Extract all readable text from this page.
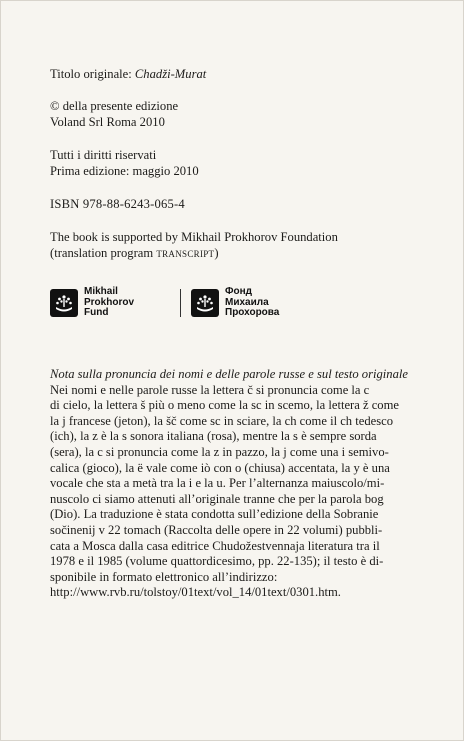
Titolo originale: Chadži-Murat
© della presente edizione
Voland Srl Roma 2010
Tutti i diritti riservati
Prima edizione: maggio 2010
ISBN 978-88-6243-065-4
The book is supported by Mikhail Prokhorov Foundation
(translation program transcript)
Mikhail
Prokhorov
Fund
Фонд
Михаила
Прохорова
Nota sulla pronuncia dei nomi e delle parole russe e sul testo originale
Nei nomi e nelle parole russe la lettera č si pronuncia come la c
di cielo, la lettera š più o meno come la sc in scemo, la lettera ž come
la j francese (jeton), la šč come sc in sciare, la ch come il ch tedesco
(ich), la z è la s sonora italiana (rosa), mentre la s è sempre sorda
(sera), la c si pronuncia come la z in pazzo, la j come una i semivo-
calica (gioco), la ë vale come iò con o (chiusa) accentata, la y è una
vocale che sta a metà tra la i e la u. Per l’alternanza maiuscolo/mi-
nuscolo ci siamo attenuti all’originale tranne che per la parola bog
(Dio). La traduzione è stata condotta sull’edizione della Sobranie
sočinenij v 22 tomach (Raccolta delle opere in 22 volumi) pubbli-
cata a Mosca dalla casa editrice Chudožestvennaja literatura tra il
1978 e il 1985 (volume quattordicesimo, pp. 22-135); il testo è di-
sponibile in formato elettronico all’indirizzo:
http://www.rvb.ru/tolstoy/01text/vol_14/01text/0301.htm.
